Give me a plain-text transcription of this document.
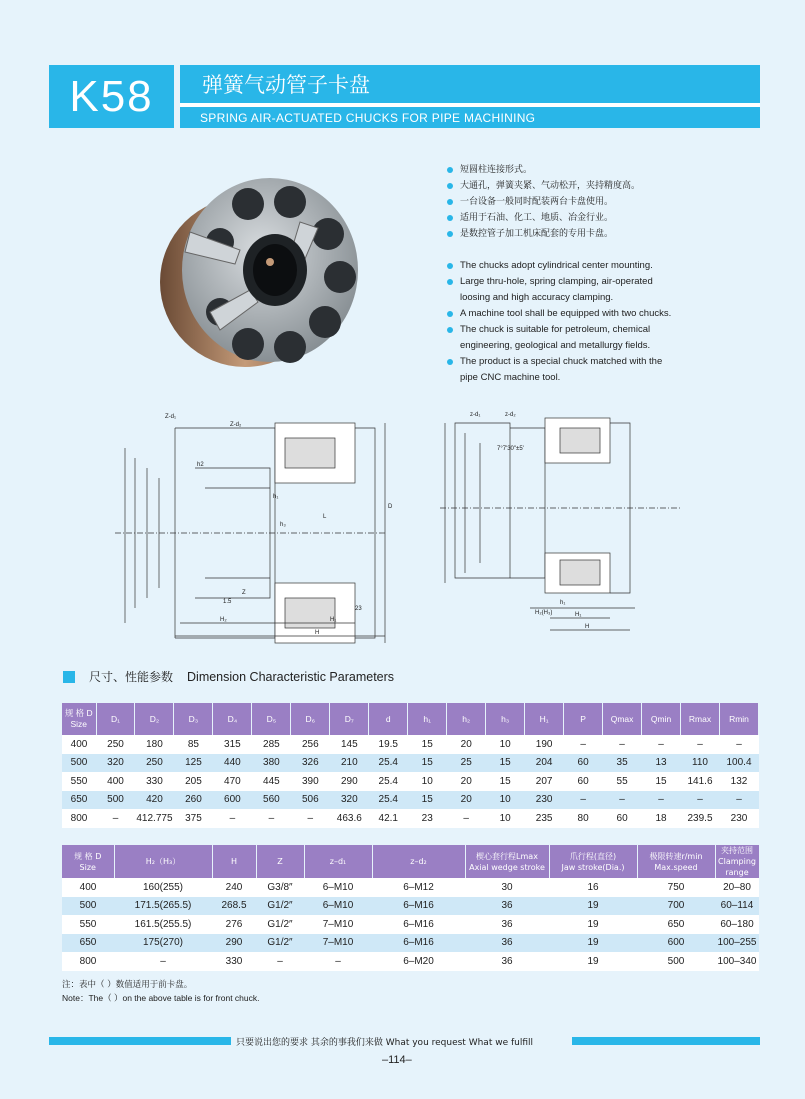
K58	弹簧气动管子卡盘
SPRING AIR-ACTUATED CHUCKS FOR PIPE MACHINING
短圆柱连接形式。
大通孔，弹簧夹紧、气动松开，夹持精度高。
一台设备一般同时配装两台卡盘使用。
适用于石油、化工、地质、冶金行业。
是数控管子加工机床配套的专用卡盘。
The chucks adopt cylindrical center mounting.
Large thru-hole, spring clamping, air-operated loosing and high accuracy clamping.
A machine tool shall be equipped with two chucks.
The chuck is suitable for petroleum, chemical engineering, geological and metallurgy fields.
The product is a special chuck matched with the pipe CNC machine tool.
Z-d₁
Z-d₂
h2
h₁
h₃
L
Z
1.5
23
H₂	H₁
H
D
z-d₁	z-d₂
7°7'30"±5'
h₁
H₂(H₃)	H₁
H
尺寸、性能参数 Dimension Characteristic Parameters
规 格 D
Size	D₁	D₂	D₃	D₄	D₅	D₆	D₇	d	h₁	h₂	h₃	H₁	P	Qmax	Qmin	Rmax	Rmin
400	250	180	85	315	285	256	145	19.5	15	20	10	190	–	–	–	–	–
500	320	250	125	440	380	326	210	25.4	15	25	15	204	60	35	13	110	100.4
550	400	330	205	470	445	390	290	25.4	10	20	15	207	60	55	15	141.6	132
650	500	420	260	600	560	506	320	25.4	15	20	10	230	–	–	–	–	–
800	–	412.775	375	–	–	–	463.6	42.1	23	–	10	235	80	60	18	239.5	230
规 格 D
Size	H₂（H₃）	H	Z	z–d₁	z–d₂	楔心套行程Lmax
Axial wedge stroke	爪行程(直径)
Jaw stroke(Dia.)	极限转速r/min
Max.speed	夹持范围
Clamping range
400	160(255)	240	G3/8″	6–M10	6–M12	30	16	750	20–80
500	171.5(265.5)	268.5	G1/2″	6–M10	6–M16	36	19	700	60–114
550	161.5(255.5)	276	G1/2″	7–M10	6–M16	36	19	650	60–180
650	175(270)	290	G1/2″	7–M10	6–M16	36	19	600	100–255
800	–	330	–	–	6–M20	36	19	500	100–340
注：表中（ ）数值适用于前卡盘。
Note：The（ ）on the above table is for front chuck.
只要说出您的要求 其余的事我们来做 What you request What we fulfill
–114–
